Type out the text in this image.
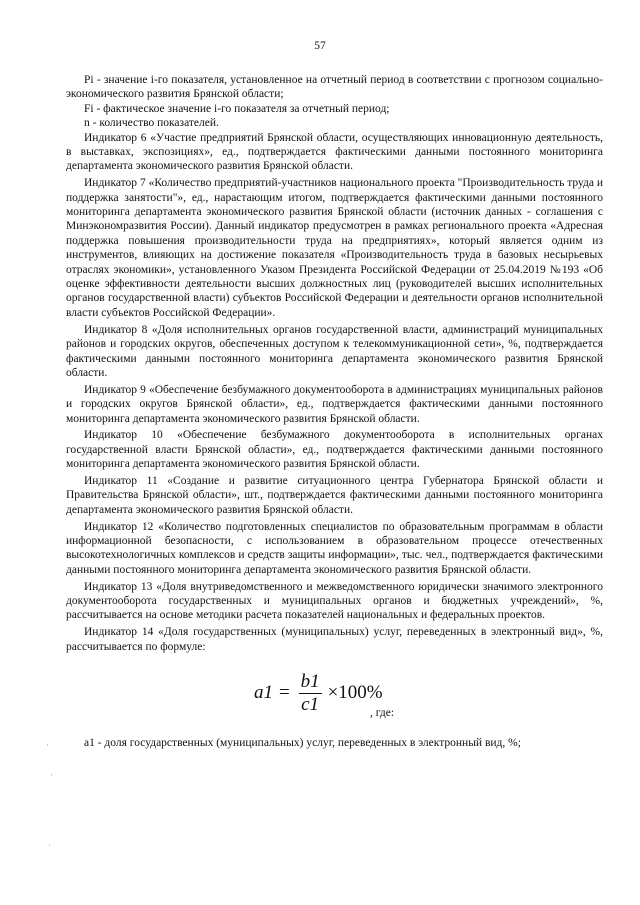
57

Pi - значение i-го показателя, установленное на отчетный период в соответствии с прогнозом социально-экономического развития Брянской области;

Fi - фактическое значение i-го показателя за отчетный период;

n - количество показателей.

Индикатор 6 «Участие предприятий Брянской области, осуществляющих инновационную деятельность, в выставках, экспозициях», ед., подтверждается фактическими данными постоянного мониторинга департамента экономического развития Брянской области.

Индикатор 7 «Количество предприятий-участников национального проекта "Производительность труда и поддержка занятости"», ед., нарастающим итогом, подтверждается фактическими данными постоянного мониторинга департамента экономического развития Брянской области (источник данных - соглашения с Минэкономразвития России). Данный индикатор предусмотрен в рамках регионального проекта «Адресная поддержка повышения производительности труда на предприятиях», который является одним из инструментов, влияющих на достижение показателя «Производительность труда в базовых несырьевых отраслях экономики», установленного Указом Президента Российской Федерации от 25.04.2019 №193 «Об оценке эффективности деятельности высших должностных лиц (руководителей высших исполнительных органов государственной власти) субъектов Российской Федерации и деятельности органов исполнительной власти субъектов Российской Федерации».

Индикатор 8 «Доля исполнительных органов государственной власти, администраций муниципальных районов и городских округов, обеспеченных доступом к телекоммуникационной сети», %, подтверждается фактическими данными постоянного мониторинга департамента экономического развития Брянской области.

Индикатор 9 «Обеспечение безбумажного документооборота в администрациях муниципальных районов и городских округов Брянской области», ед., подтверждается фактическими данными постоянного мониторинга департамента экономического развития Брянской области.

Индикатор 10 «Обеспечение безбумажного документооборота в исполнительных органах государственной власти Брянской области», ед., подтверждается фактическими данными постоянного мониторинга департамента экономического развития Брянской области.

Индикатор 11 «Создание и развитие ситуационного центра Губернатора Брянской области и Правительства Брянской области», шт., подтверждается фактическими данными постоянного мониторинга департамента экономического развития Брянской области.

Индикатор 12 «Количество подготовленных специалистов по образовательным программам в области информационной безопасности, с использованием в образовательном процессе отечественных высокотехнологичных комплексов и средств защиты информации», тыс. чел., подтверждается фактическими данными постоянного мониторинга департамента экономического развития Брянской области.

Индикатор 13 «Доля внутриведомственного и межведомственного юридически значимого электронного документооборота государственных и муниципальных органов и бюджетных учреждений», %, рассчитывается на основе методики расчета показателей национальных и федеральных проектов.

Индикатор 14 «Доля государственных (муниципальных) услуг, переведенных в электронный вид», %, рассчитывается по формуле:

$a1 = \frac{b1}{c1} \times 100\%$
, где:

a1 - доля государственных (муниципальных) услуг, переведенных в электронный вид, %;

·
·
·
